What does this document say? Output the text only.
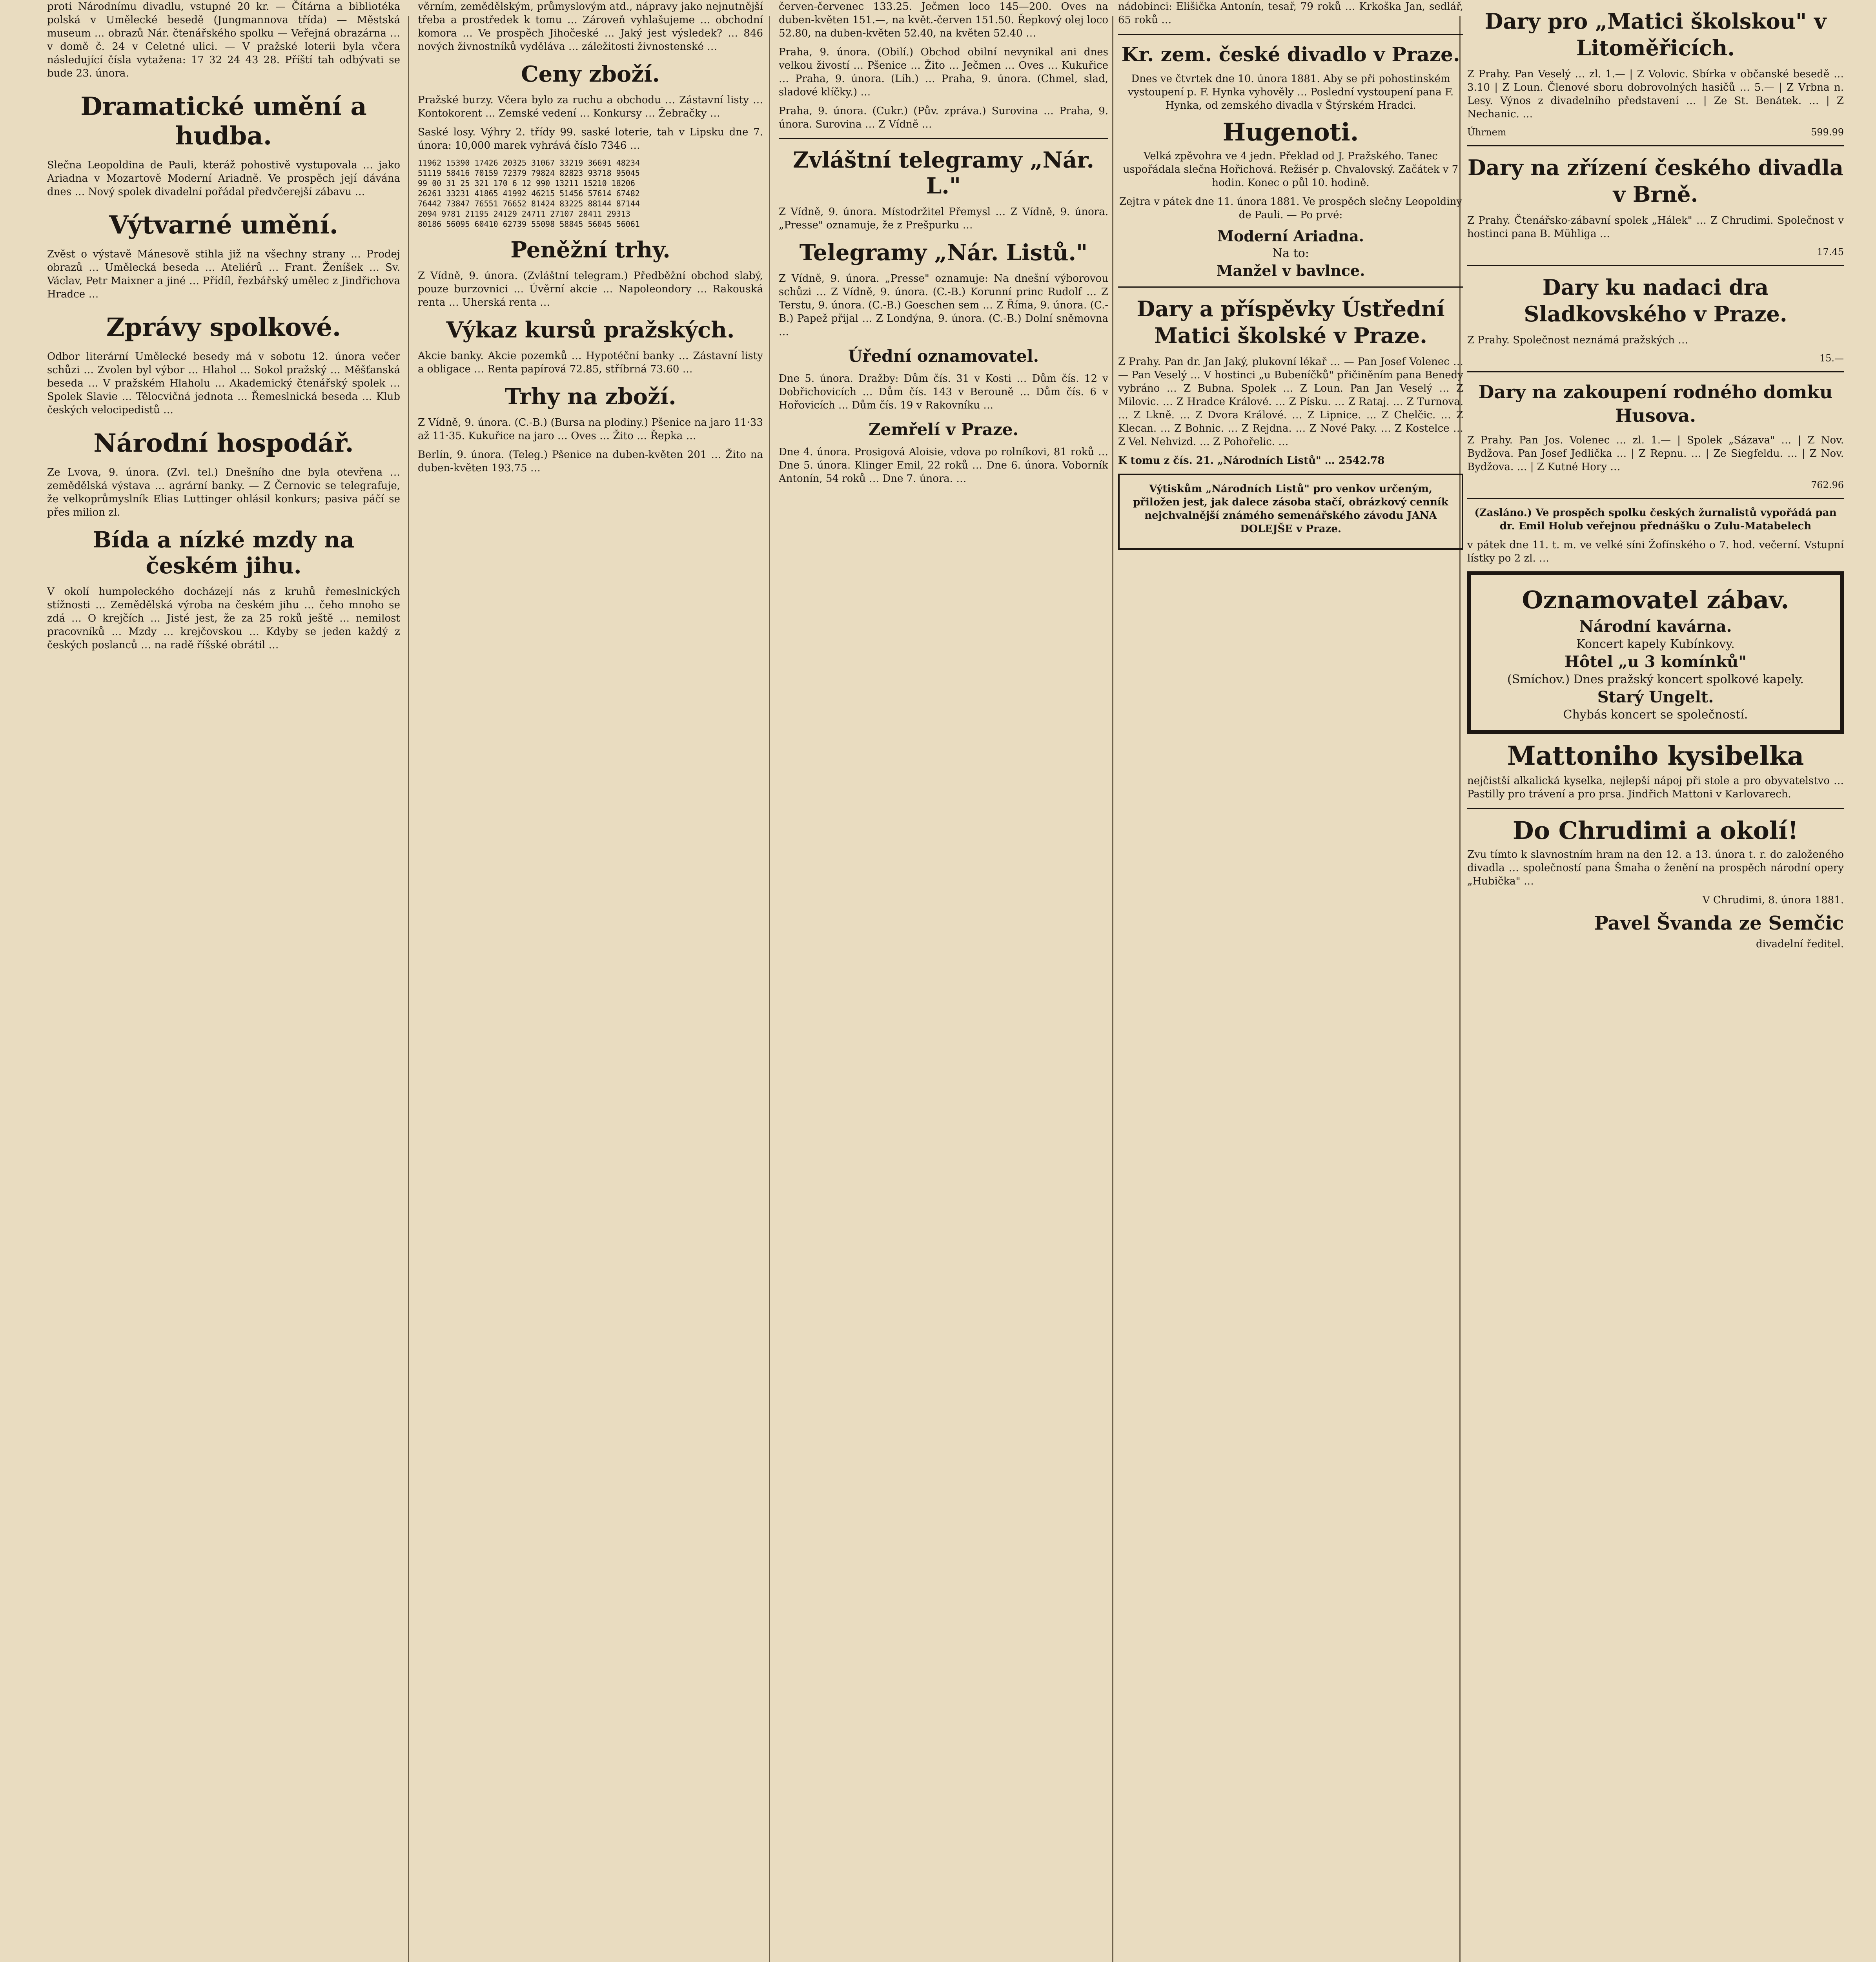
proti Národnímu divadlu, vstupné 20 kr. — Čítárna a bibliotéka polská v Umělecké besedě (Jungmannova třída) — Městská museum … obrazů Nár. čtenářského spolku — Veřejná obrazárna … v domě č. 24 v Celetné ulici. — V pražské loterii byla včera následující čísla vytažena: 17 32 24 43 28. Příští tah odbývati se bude 23. února.

Dramatické umění a hudba.

Slečna Leopoldina de Pauli, kteráž pohostivě vystupovala … jako Ariadna v Mozartově Moderní Ariadně. Ve prospěch její dávána dnes … Nový spolek divadelní pořádal předvčerejší zábavu …

Výtvarné umění.

Zvěst o výstavě Mánesově stihla již na všechny strany … Prodej obrazů … Umělecká beseda … Ateliérů … Frant. Ženíšek … Sv. Václav, Petr Maixner a jiné … Přídíl, řezbářský umělec z Jindřichova Hradce …

Zprávy spolkové.

Odbor literární Umělecké besedy má v sobotu 12. února večer schůzi … Zvolen byl výbor … Hlahol … Sokol pražský … Měšťanská beseda … V pražském Hlaholu … Akademický čtenářský spolek … Spolek Slavie … Tělocvičná jednota … Řemeslnická beseda … Klub českých velocipedistů …

Národní hospodář.

Ze Lvova, 9. února. (Zvl. tel.) Dnešního dne byla otevřena … zemědělská výstava … agrární banky. — Z Černovic se telegrafuje, že velkoprůmyslník Elias Luttinger ohlásil konkurs; pasiva páčí se přes milion zl.

Bída a nízké mzdy na českém jihu.

V okolí humpoleckého docházejí nás z kruhů řemeslnických stížnosti … Zemědělská výroba na českém jihu … čeho mnoho se zdá … O krejčích … Jisté jest, že za 25 roků ještě … nemilost pracovníků … Mzdy … krejčovskou … Kdyby se jeden každý z českých poslanců … na radě říšské obrátil …

věrním, zemědělským, průmyslovým atd., nápravy jako nejnutnější třeba a prostředek k tomu … Zároveň vyhlašujeme … obchodní komora … Ve prospěch Jihočeské … Jaký jest výsledek? … 846 nových živnostníků vyděláva … záležitosti živnostenské …

Ceny zboží.

Pražské burzy. Včera bylo za ruchu a obchodu … Zástavní listy … Kontokorent … Zemské vedení … Konkursy … Žebračky …

Saské losy. Výhry 2. třídy 99. saské loterie, tah v Lipsku dne 7. února: 10,000 marek vyhrává číslo 7346 …

11962 15390 17426 20325 31067 33219 36691 48234
51119 58416 70159 72379 79824 82823 93718 95045
99 00 31 25 321 170 6 12 990 13211 15210 18206
26261 33231 41865 41992 46215 51456 57614 67482
76442 73847 76551 76652 81424 83225 88144 87144
2094 9781 21195 24129 24711 27107 28411 29313
80186 56095 60410 62739 55098 58845 56045 56061
Peněžní trhy.

Z Vídně, 9. února. (Zvláštní telegram.) Předběžní obchod slabý, pouze burzovnici … Úvěrní akcie … Napoleondory … Rakouská renta … Uherská renta …

Výkaz kursů pražských.

Akcie banky. Akcie pozemků … Hypotéční banky … Zástavní listy a obligace … Renta papírová 72.85, stříbrná 73.60 …

Trhy na zboží.

Z Vídně, 9. února. (C.-B.) (Bursa na plodiny.) Pšenice na jaro 11·33 až 11·35. Kukuřice na jaro … Oves … Žito … Řepka …

Berlín, 9. února. (Teleg.) Pšenice na duben-květen 201 … Žito na duben-květen 193.75 …

červen-červenec 133.25. Ječmen loco 145—200. Oves na duben-květen 151.—, na květ.-červen 151.50. Řepkový olej loco 52.80, na duben-květen 52.40, na květen 52.40 …

Praha, 9. února. (Obilí.) Obchod obilní nevynikal ani dnes velkou živostí … Pšenice … Žito … Ječmen … Oves … Kukuřice … Praha, 9. února. (Líh.) … Praha, 9. února. (Chmel, slad, sladové klíčky.) …

Praha, 9. února. (Cukr.) (Pův. zpráva.) Surovina … Praha, 9. února. Surovina … Z Vídně …

Zvláštní telegramy „Nár. L."

Z Vídně, 9. února. Místodržitel Přemysl … Z Vídně, 9. února. „Presse" oznamuje, že z Prešpurku …

Telegramy „Nár. Listů."

Z Vídně, 9. února. „Presse" oznamuje: Na dnešní výborovou schůzi … Z Vídně, 9. února. (C.-B.) Korunní princ Rudolf … Z Terstu, 9. února. (C.-B.) Goeschen sem … Z Říma, 9. února. (C.-B.) Papež přijal … Z Londýna, 9. února. (C.-B.) Dolní sněmovna …

Úřední oznamovatel.

Dne 5. února. Dražby: Dům čís. 31 v Kosti … Dům čís. 12 v Dobřichovicích … Dům čís. 143 v Berouně … Dům čís. 6 v Hořovicích … Dům čís. 19 v Rakovníku …

Zemřelí v Praze.

Dne 4. února. Prosigová Aloisie, vdova po rolníkovi, 81 roků … Dne 5. února. Klinger Emil, 22 roků … Dne 6. února. Voborník Antonín, 54 roků … Dne 7. února. …

nádobinci: Elišička Antonín, tesař, 79 roků … Krkoška Jan, sedlář, 65 roků …

Kr. zem. české divadlo v Praze.

Dnes ve čtvrtek dne 10. února 1881. Aby se při pohostinském vystoupení p. F. Hynka vyhověly … Poslední vystoupení pana F. Hynka, od zemského divadla v Štýrském Hradci.

Hugenoti.

Velká zpěvohra ve 4 jedn. Překlad od J. Pražského. Tanec uspořádala slečna Hořichová. Režisér p. Chvalovský. Začátek v 7 hodin. Konec o půl 10. hodině.

Zejtra v pátek dne 11. února 1881. Ve prospěch slečny Leopoldiny de Pauli. — Po prvé:

Moderní Ariadna.
Na to:
Manžel v bavlnce.
Dary a příspěvky Ústřední Matici školské v Praze.

Z Prahy. Pan dr. Jan Jaký, plukovní lékař … — Pan Josef Volenec … — Pan Veselý … V hostinci „u Bubeníčků" přičiněním pana Benedy vybráno … Z Bubna. Spolek … Z Loun. Pan Jan Veselý … Z Milovic. … Z Hradce Králové. … Z Písku. … Z Rataj. … Z Turnova. … Z Lkně. … Z Dvora Králové. … Z Lipnice. … Z Chelčic. … Z Klecan. … Z Bohnic. … Z Rejdna. … Z Nové Paky. … Z Kostelce … Z Vel. Nehvizd. … Z Pohořelic. …

K tomu z čís. 21. „Národních Listů" … 2542.78

Výtiskům „Národních Listů" pro venkov určeným, přiložen jest, jak dalece zásoba stačí, obrázkový cenník nejchvalnější známého semenářského závodu JANA DOLEJŠE v Praze.

Dary pro „Matici školskou" v Litoměřicích.

Z Prahy. Pan Veselý … zl. 1.— | Z Volovic. Sbírka v občanské besedě … 3.10 | Z Loun. Členové sboru dobrovolných hasičů … 5.— | Z Vrbna n. Lesy. Výnos z divadelního představení … | Ze St. Benátek. … | Z Nechanic. …

Úhrnem	599.99
Dary na zřízení českého divadla v Brně.

Z Prahy. Čtenářsko-zábavní spolek „Hálek" … Z Chrudimi. Společnost v hostinci pana B. Mühliga …

17.45
Dary ku nadaci dra Sladkovského v Praze.

Z Prahy. Společnost neznámá pražských …

15.—
Dary na zakoupení rodného domku Husova.

Z Prahy. Pan Jos. Volenec … zl. 1.— | Spolek „Sázava" … | Z Nov. Bydžova. Pan Josef Jedlička … | Z Repnu. … | Ze Siegfeldu. … | Z Nov. Bydžova. … | Z Kutné Hory …

762.96

(Zasláno.) Ve prospěch spolku českých žurnalistů vypořádá pan dr. Emil Holub veřejnou přednášku o Zulu-Matabelech

v pátek dne 11. t. m. ve velké síni Žofínského o 7. hod. večerní. Vstupní lístky po 2 zl. …

Oznamovatel zábav.
Národní kavárna.
Koncert kapely Kubínkovy.
Hôtel „u 3 komínků"
(Smíchov.) Dnes pražský koncert spolkové kapely.
Starý Ungelt.
Chybás koncert se společností.
Mattoniho kysibelka

nejčistší alkalická kyselka, nejlepší nápoj při stole a pro obyvatelstvo … Pastilly pro trávení a pro prsa. Jindřich Mattoni v Karlovarech.

Do Chrudimi a okolí!

Zvu tímto k slavnostním hram na den 12. a 13. února t. r. do založeného divadla … společností pana Šmaha o ženění na prospěch národní opery „Hubička" …

V Chrudimi, 8. února 1881.

Pavel Švanda ze Semčic

divadelní ředitel.
